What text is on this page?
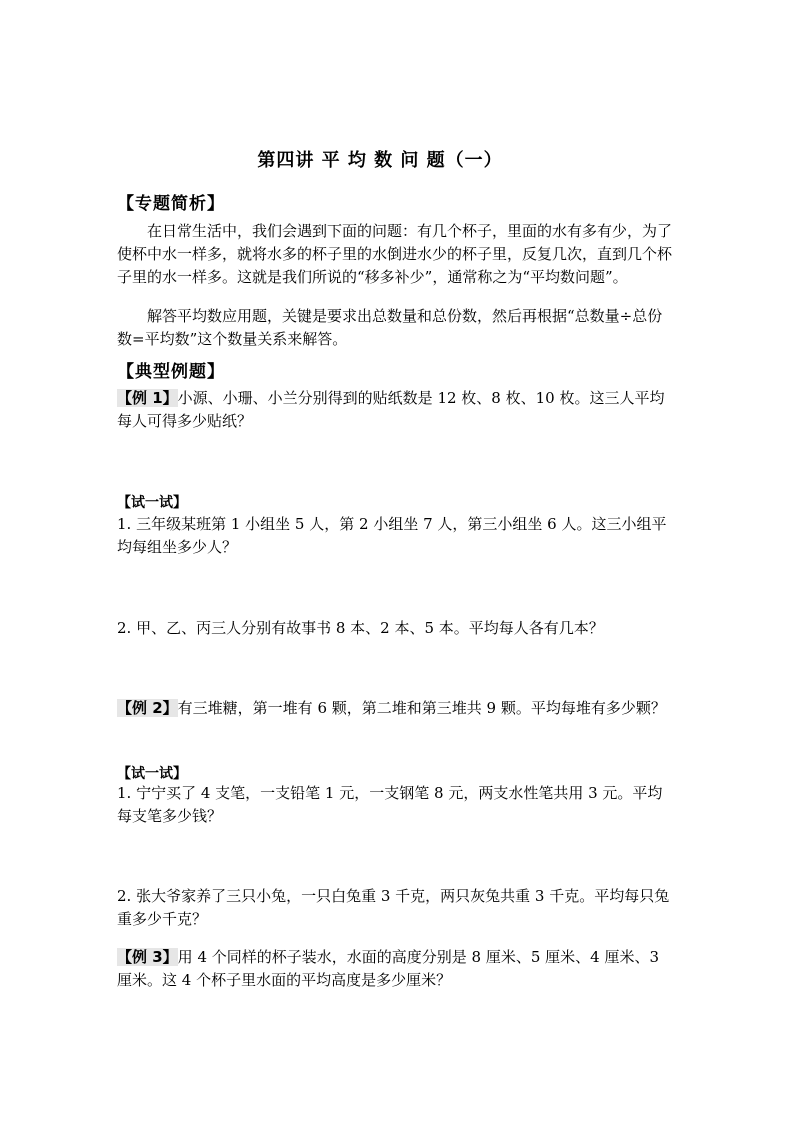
第四讲 平 均 数 问 题（一）
【专题简析】
在日常生活中，我们会遇到下面的问题：有几个杯子，里面的水有多有少，为了使杯中水一样多，就将水多的杯子里的水倒进水少的杯子里，反复几次，直到几个杯子里的水一样多。这就是我们所说的“移多补少”，通常称之为“平均数问题”。
解答平均数应用题，关键是要求出总数量和总份数，然后再根据“总数量÷总份数=平均数”这个数量关系来解答。
【典型例题】
【例 1】小源、小珊、小兰分别得到的贴纸数是 12 枚、8 枚、10 枚。这三人平均每人可得多少贴纸？
【试一试】
1. 三年级某班第 1 小组坐 5 人，第 2 小组坐 7 人，第三小组坐 6 人。这三小组平均每组坐多少人？
2. 甲、乙、丙三人分别有故事书 8 本、2 本、5 本。平均每人各有几本？
【例 2】有三堆糖，第一堆有 6 颗，第二堆和第三堆共 9 颗。平均每堆有多少颗？
【试一试】
1. 宁宁买了 4 支笔，一支铅笔 1 元，一支钢笔 8 元，两支水性笔共用 3 元。平均每支笔多少钱？
2. 张大爷家养了三只小兔，一只白兔重 3 千克，两只灰兔共重 3 千克。平均每只兔重多少千克？
【例 3】用 4 个同样的杯子装水，水面的高度分别是 8 厘米、5 厘米、4 厘米、3 厘米。这 4 个杯子里水面的平均高度是多少厘米？
